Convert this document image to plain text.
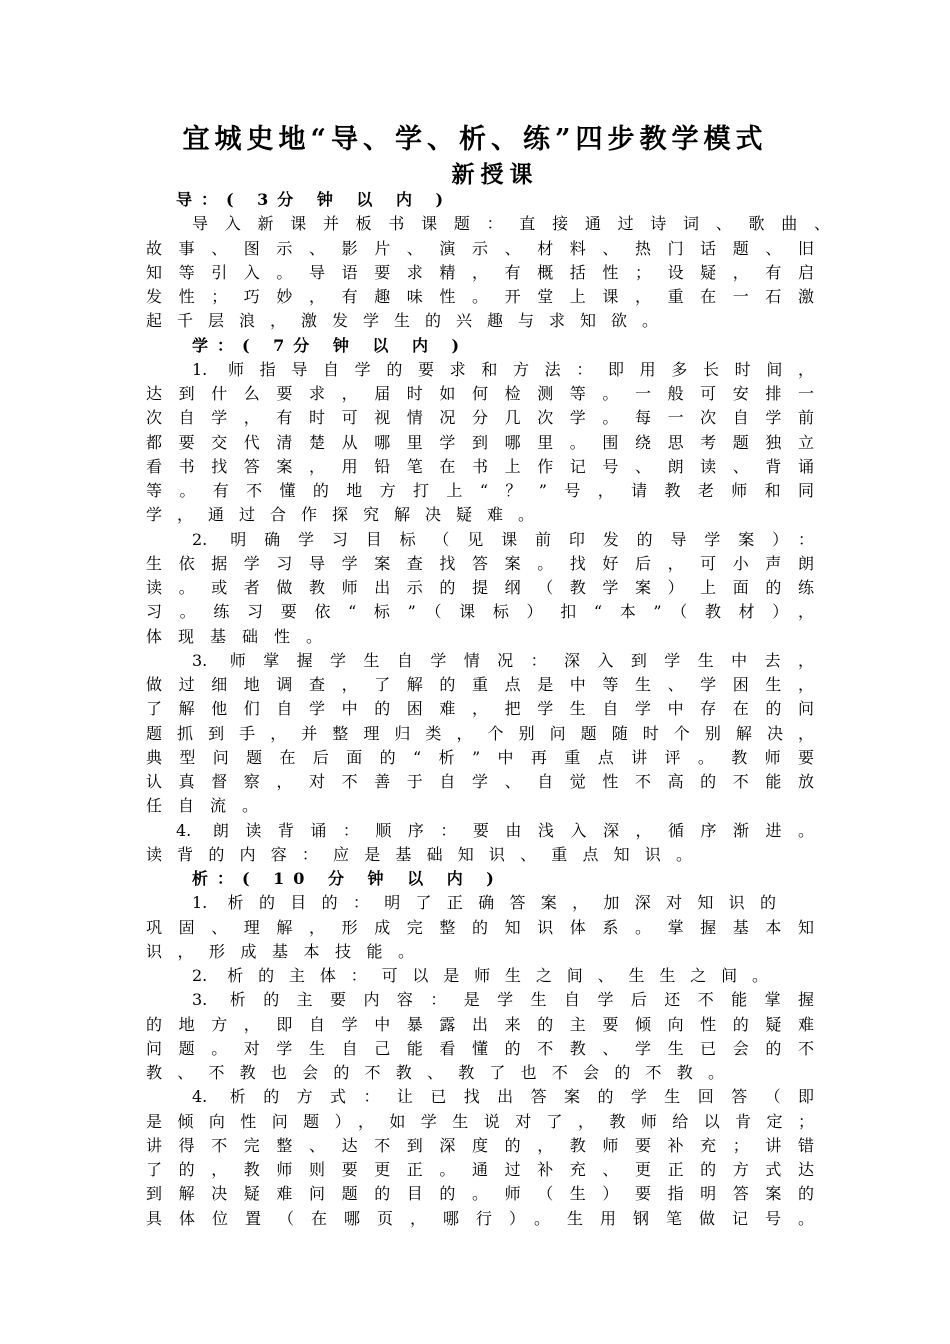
宜城史地“导、学、析、练”四步教学模式
新授课
导：( 3分 钟 以 内 )
导入新课并板书课题：直接通过诗词、歌曲、
故事、图示、影片、演示、材料、热门话题、旧
知等引入。导语要求精，有概括性；设疑，有启
发性；巧妙，有趣味性。开堂上课，重在一石激
起千层浪，激发学生的兴趣与求知欲。
学：( 7分 钟 以 内 )
1. 师指导自学的要求和方法：即用多长时间，
达到什么要求，届时如何检测等。一般可安排一
次自学，有时可视情况分几次学。每一次自学前
都要交代清楚从哪里学到哪里。围绕思考题独立
看书找答案，用铅笔在书上作记号、朗读、背诵
等。有不懂的地方打上“？”号，请教老师和同
学，通过合作探究解决疑难。
2. 明确学习目标（见课前印发的导学案）：
生依据学习导学案查找答案。找好后，可小声朗
读。或者做教师出示的提纲（教学案）上面的练
习。练习要依“标”（课标）扣“本”（教材），
体现基础性。
3. 师掌握学生自学情况：深入到学生中去，
做过细地调查，了解的重点是中等生、学困生，
了解他们自学中的困难，把学生自学中存在的问
题抓到手，并整理归类，个别问题随时个别解决，
典型问题在后面的“析”中再重点讲评。教师要
认真督察，对不善于自学、自觉性不高的不能放
任自流。
4. 朗读背诵：顺序：要由浅入深，循序渐进。
读背的内容：应是基础知识、重点知识。
析：( 10 分 钟 以 内 )
1. 析的目的：明了正确答案，加深对知识的
巩固、理解，形成完整的知识体系。掌握基本知
识，形成基本技能。
2. 析的主体：可以是师生之间、生生之间。
3. 析的主要内容：是学生自学后还不能掌握
的地方，即自学中暴露出来的主要倾向性的疑难
问题。对学生自己能看懂的不教、学生已会的不
教、不教也会的不教、教了也不会的不教。
4. 析的方式：让已找出答案的学生回答（即
是倾向性问题），如学生说对了，教师给以肯定；
讲得不完整、达不到深度的，教师要补充；讲错
了的，教师则要更正。通过补充、更正的方式达
到解决疑难问题的目的。师（生）要指明答案的
具体位置（在哪页，哪行）。生用钢笔做记号。
